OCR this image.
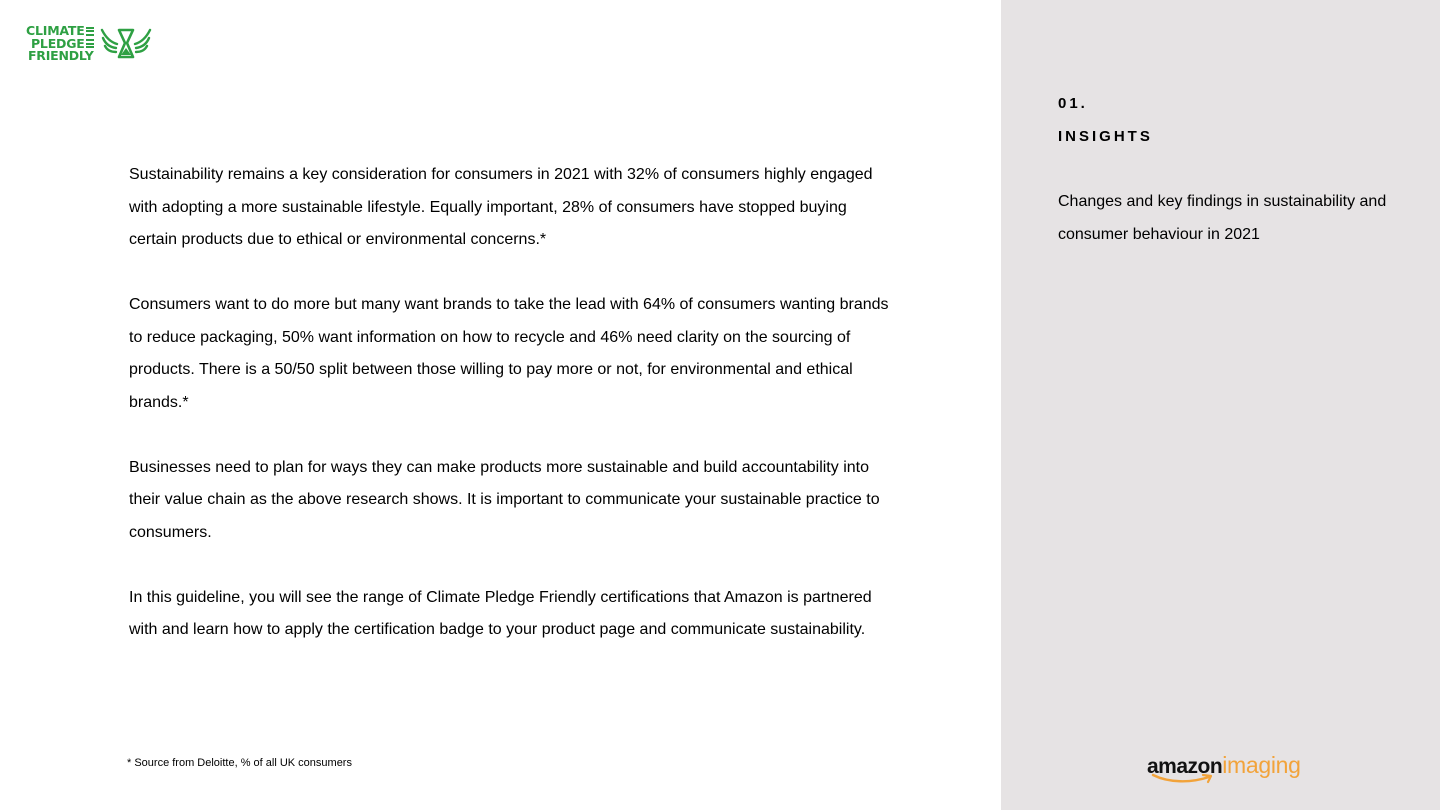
CLIMATE
PLEDGE
FRIENDLY

Sustainability remains a key consideration for consumers in 2021 with 32% of consumers highly engaged with adopting a more sustainable lifestyle. Equally important, 28% of consumers have stopped buying certain products due to ethical or environmental concerns.*

Consumers want to do more but many want brands to take the lead with 64% of consumers wanting brands to reduce packaging, 50% want information on how to recycle and 46% need clarity on the sourcing of products. There is a 50/50 split between those willing to pay more or not, for environmental and ethical brands.*

Businesses need to plan for ways they can make products more sustainable and build accountability into their value chain as the above research shows. It is important to communicate your sustainable practice to consumers.

In this guideline, you will see the range of Climate Pledge Friendly certifications that Amazon is partnered with and learn how to apply the certification badge to your product page and communicate sustainability.

* Source from Deloitte, % of all UK consumers
01.
INSIGHTS
Changes and key findings in sustainability and consumer behaviour in 2021
amazonimaging
